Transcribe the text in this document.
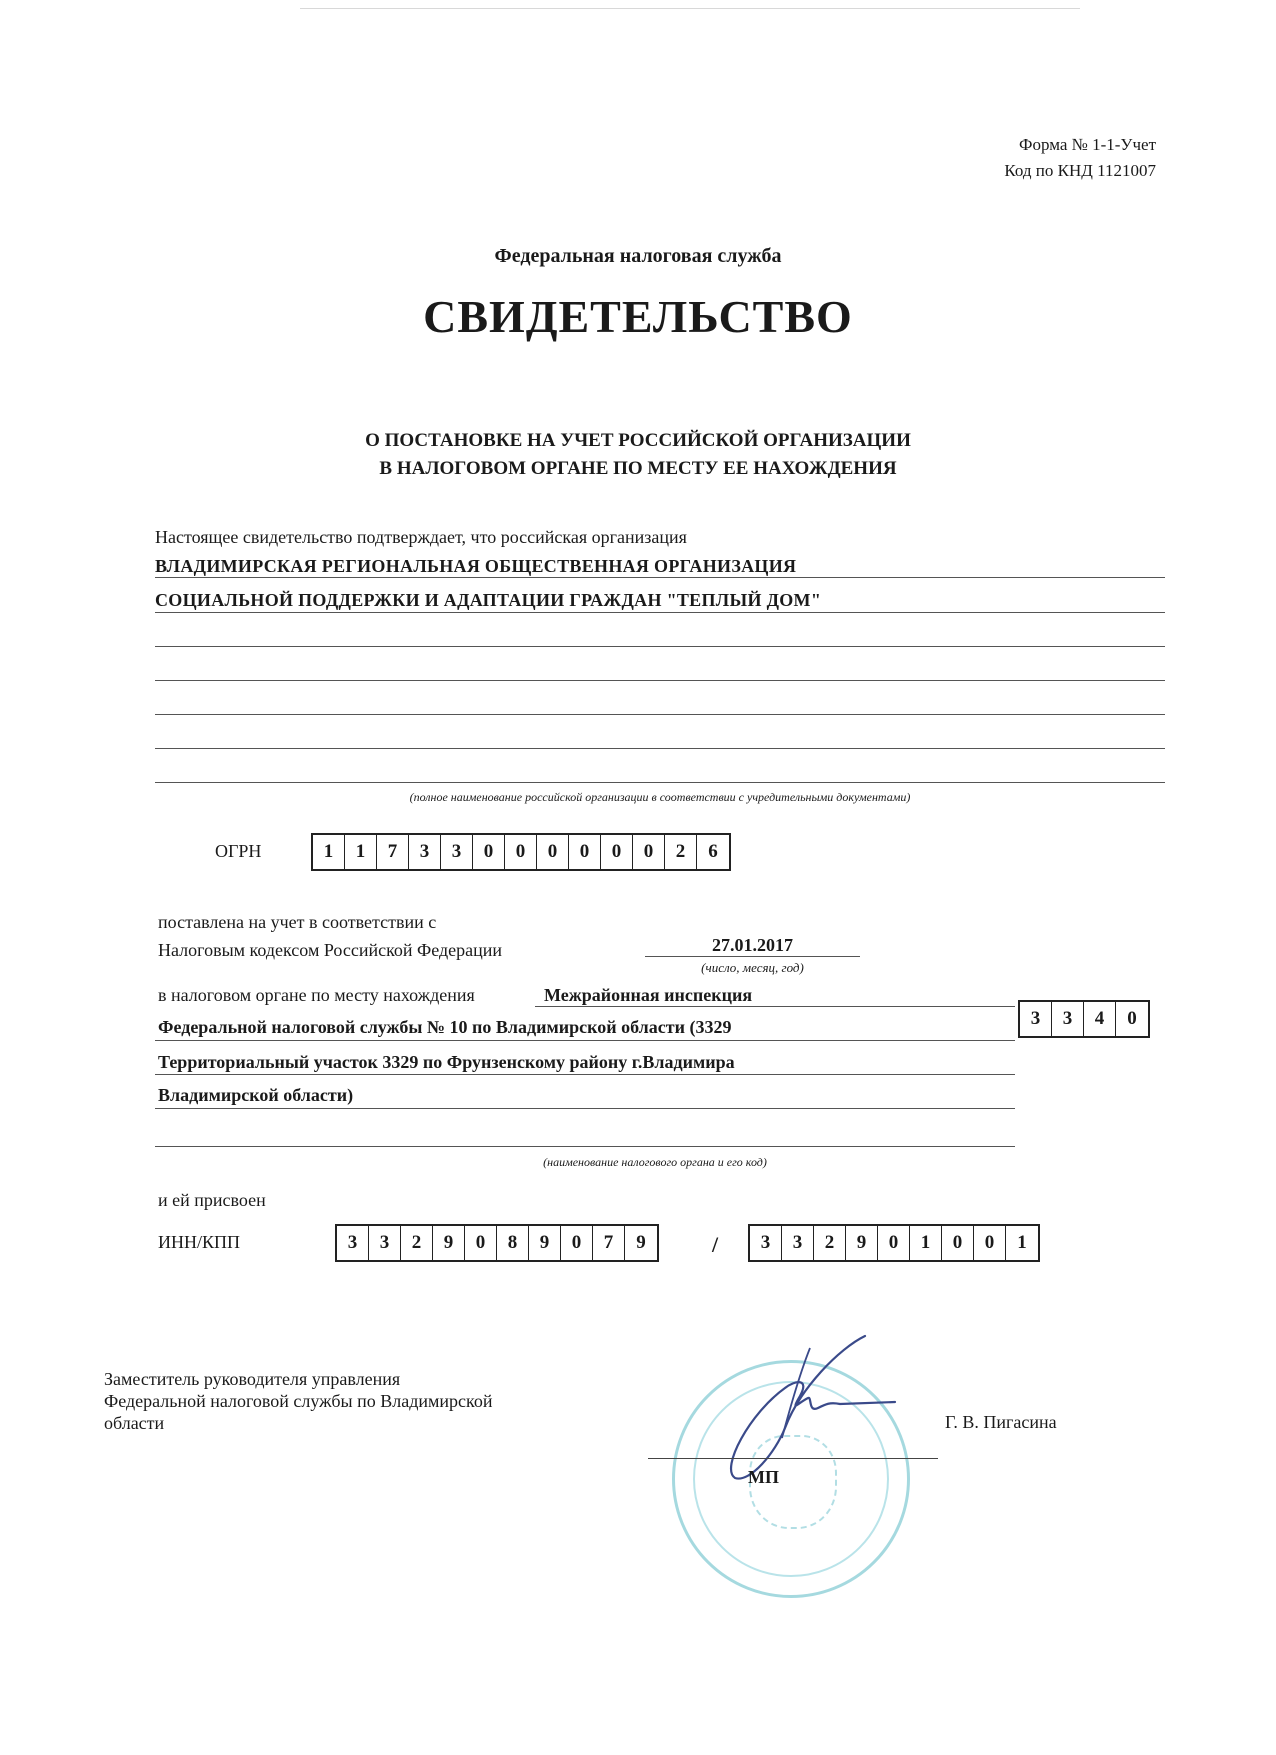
Форма № 1-1-Учет
Код по КНД 1121007
Федеральная налоговая служба
СВИДЕТЕЛЬСТВО
О ПОСТАНОВКЕ НА УЧЕТ РОССИЙСКОЙ ОРГАНИЗАЦИИ
В НАЛОГОВОМ ОРГАНЕ ПО МЕСТУ ЕЕ НАХОЖДЕНИЯ
Настоящее свидетельство подтверждает, что российская организация
ВЛАДИМИРСКАЯ РЕГИОНАЛЬНАЯ ОБЩЕСТВЕННАЯ ОРГАНИЗАЦИЯ
СОЦИАЛЬНОЙ ПОДДЕРЖКИ И АДАПТАЦИИ ГРАЖДАН "ТЕПЛЫЙ ДОМ"
(полное наименование российской организации в соответствии с учредительными документами)
ОГРН	1	1	7	3	3	0	0	0	0	0	0	2	6
поставлена на учет в соответствии с
Налоговым кодексом Российской Федерации	27.01.2017
(число, месяц, год)
в налоговом органе по месту нахождения	Межрайонная инспекция
Федеральной налоговой службы № 10 по Владимирской области (3329
Территориальный участок 3329 по Фрунзенскому району г.Владимира
Владимирской области)
(наименование налогового органа и его код)
3	3	4	0
и ей присвоен
ИНН/КПП	3	3	2	9	0	8	9	0	7	9	/	3	3	2	9	0	1	0	0	1
Заместитель руководителя управления
Федеральной налоговой службы по Владимирской
области
МП
Г. В. Пигасина
